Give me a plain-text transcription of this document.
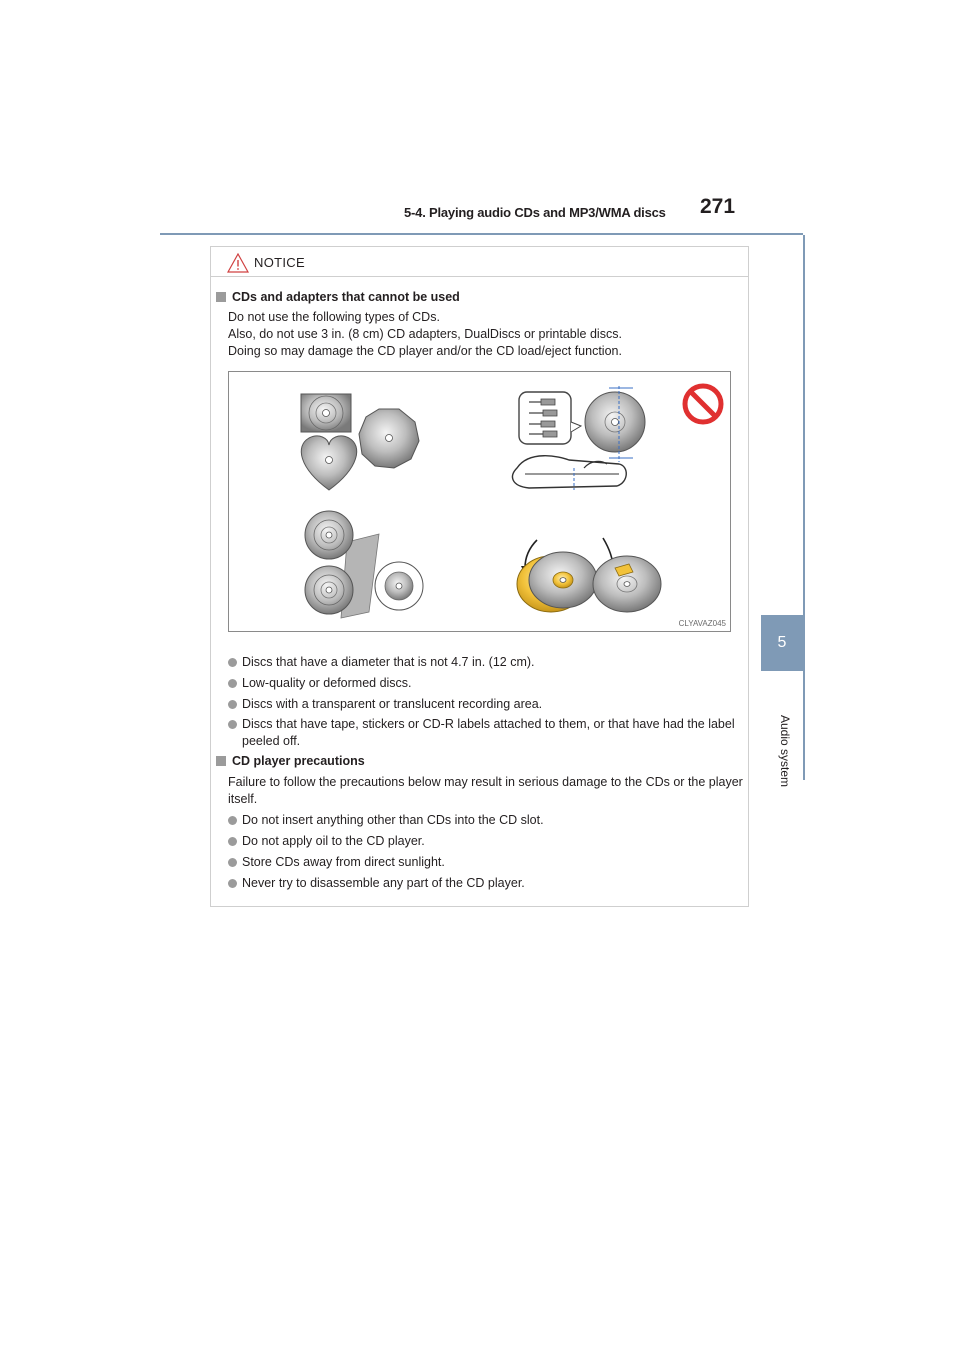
5-4. Playing audio CDs and MP3/WMA discs 271
5
Audio system
NOTICE
CDs and adapters that cannot be used
Do not use the following types of CDs.
Also, do not use 3 in. (8 cm) CD adapters, DualDiscs or printable discs.
Doing so may damage the CD player and/or the CD load/eject function.
CLYAVAZ045
Discs that have a diameter that is not 4.7 in. (12 cm).
Low-quality or deformed discs.
Discs with a transparent or translucent recording area.
Discs that have tape, stickers or CD-R labels attached to them, or that have had the label peeled off.
CD player precautions
Failure to follow the precautions below may result in serious damage to the CDs or the player itself.
Do not insert anything other than CDs into the CD slot.
Do not apply oil to the CD player.
Store CDs away from direct sunlight.
Never try to disassemble any part of the CD player.
